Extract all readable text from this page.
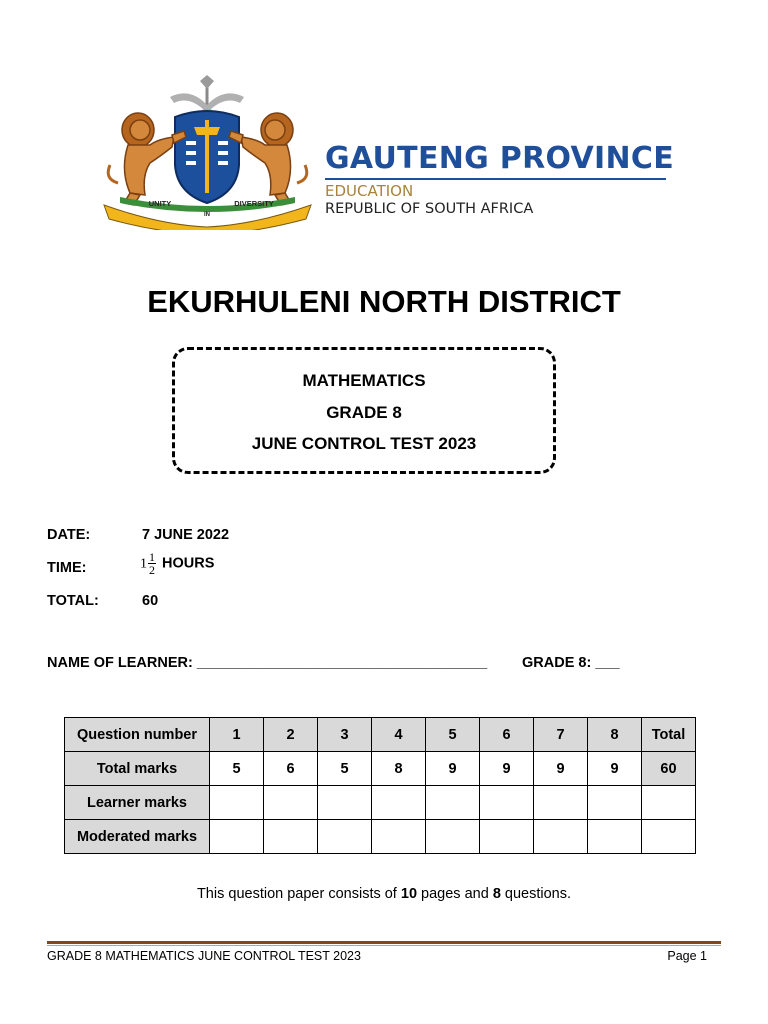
UNITY
IN
DIVERSITY
GAUTENG PROVINCE
EDUCATION
REPUBLIC OF SOUTH AFRICA
EKURHULENI NORTH DISTRICT
MATHEMATICS
GRADE 8
JUNE CONTROL TEST 2023
DATE:	7 JUNE 2022
TIME:	$1 \frac{1}{2}$ HOURS
TOTAL:	60
NAME OF LEARNER: ____________________________________ GRADE 8: ___
Question number	1	2	3	4	5	6	7	8	Total
Total marks	5	6	5	8	9	9	9	9	60
Learner marks									
Moderated marks									
This question paper consists of 10 pages and 8 questions.
GRADE 8 MATHEMATICS JUNE CONTROL TEST 2023	Page 1
